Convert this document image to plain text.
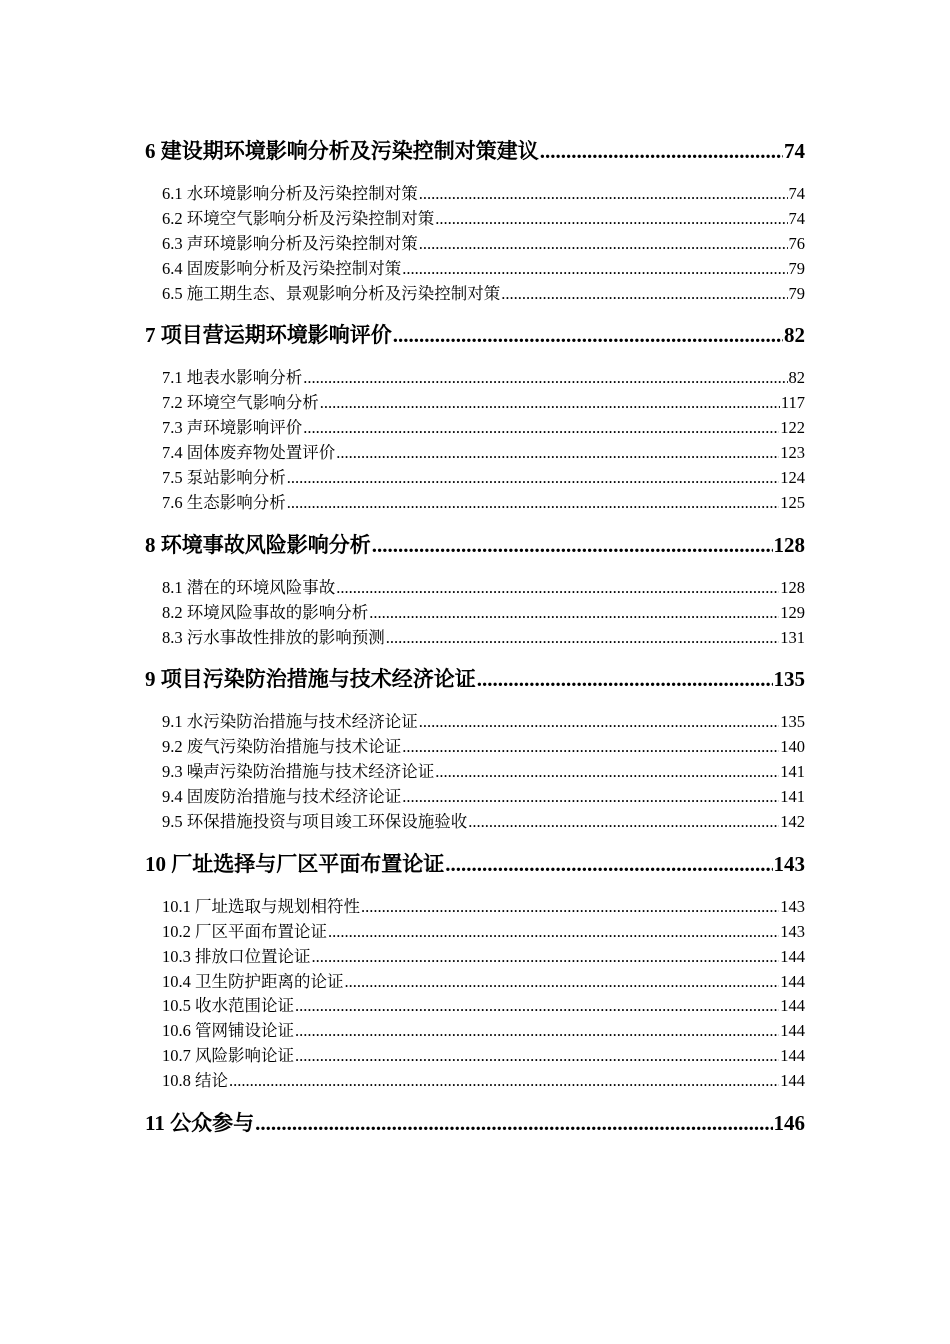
6 建设期环境影响分析及污染控制对策建议 .....	74
6.1 水环境影响分析及污染控制对策 .....	74
6.2 环境空气影响分析及污染控制对策 .....	74
6.3 声环境影响分析及污染控制对策 .....	76
6.4 固废影响分析及污染控制对策 .....	79
6.5 施工期生态、景观影响分析及污染控制对策 .....	79
7 项目营运期环境影响评价 .....	82
7.1 地表水影响分析 .....	82
7.2 环境空气影响分析 .....	117
7.3 声环境影响评价 .....	122
7.4 固体废弃物处置评价 .....	123
7.5 泵站影响分析 .....	124
7.6 生态影响分析 .....	125
8 环境事故风险影响分析 .....	128
8.1 潜在的环境风险事故 .....	128
8.2 环境风险事故的影响分析 .....	129
8.3 污水事故性排放的影响预测 .....	131
9 项目污染防治措施与技术经济论证 .....	135
9.1 水污染防治措施与技术经济论证 .....	135
9.2 废气污染防治措施与技术论证 .....	140
9.3 噪声污染防治措施与技术经济论证 .....	141
9.4 固废防治措施与技术经济论证 .....	141
9.5 环保措施投资与项目竣工环保设施验收 .....	142
10 厂址选择与厂区平面布置论证 .....	143
10.1 厂址选取与规划相符性 .....	143
10.2 厂区平面布置论证 .....	143
10.3 排放口位置论证 .....	144
10.4 卫生防护距离的论证 .....	144
10.5 收水范围论证 .....	144
10.6 管网铺设论证 .....	144
10.7 风险影响论证 .....	144
10.8 结论 .....	144
11 公众参与 .....	146
